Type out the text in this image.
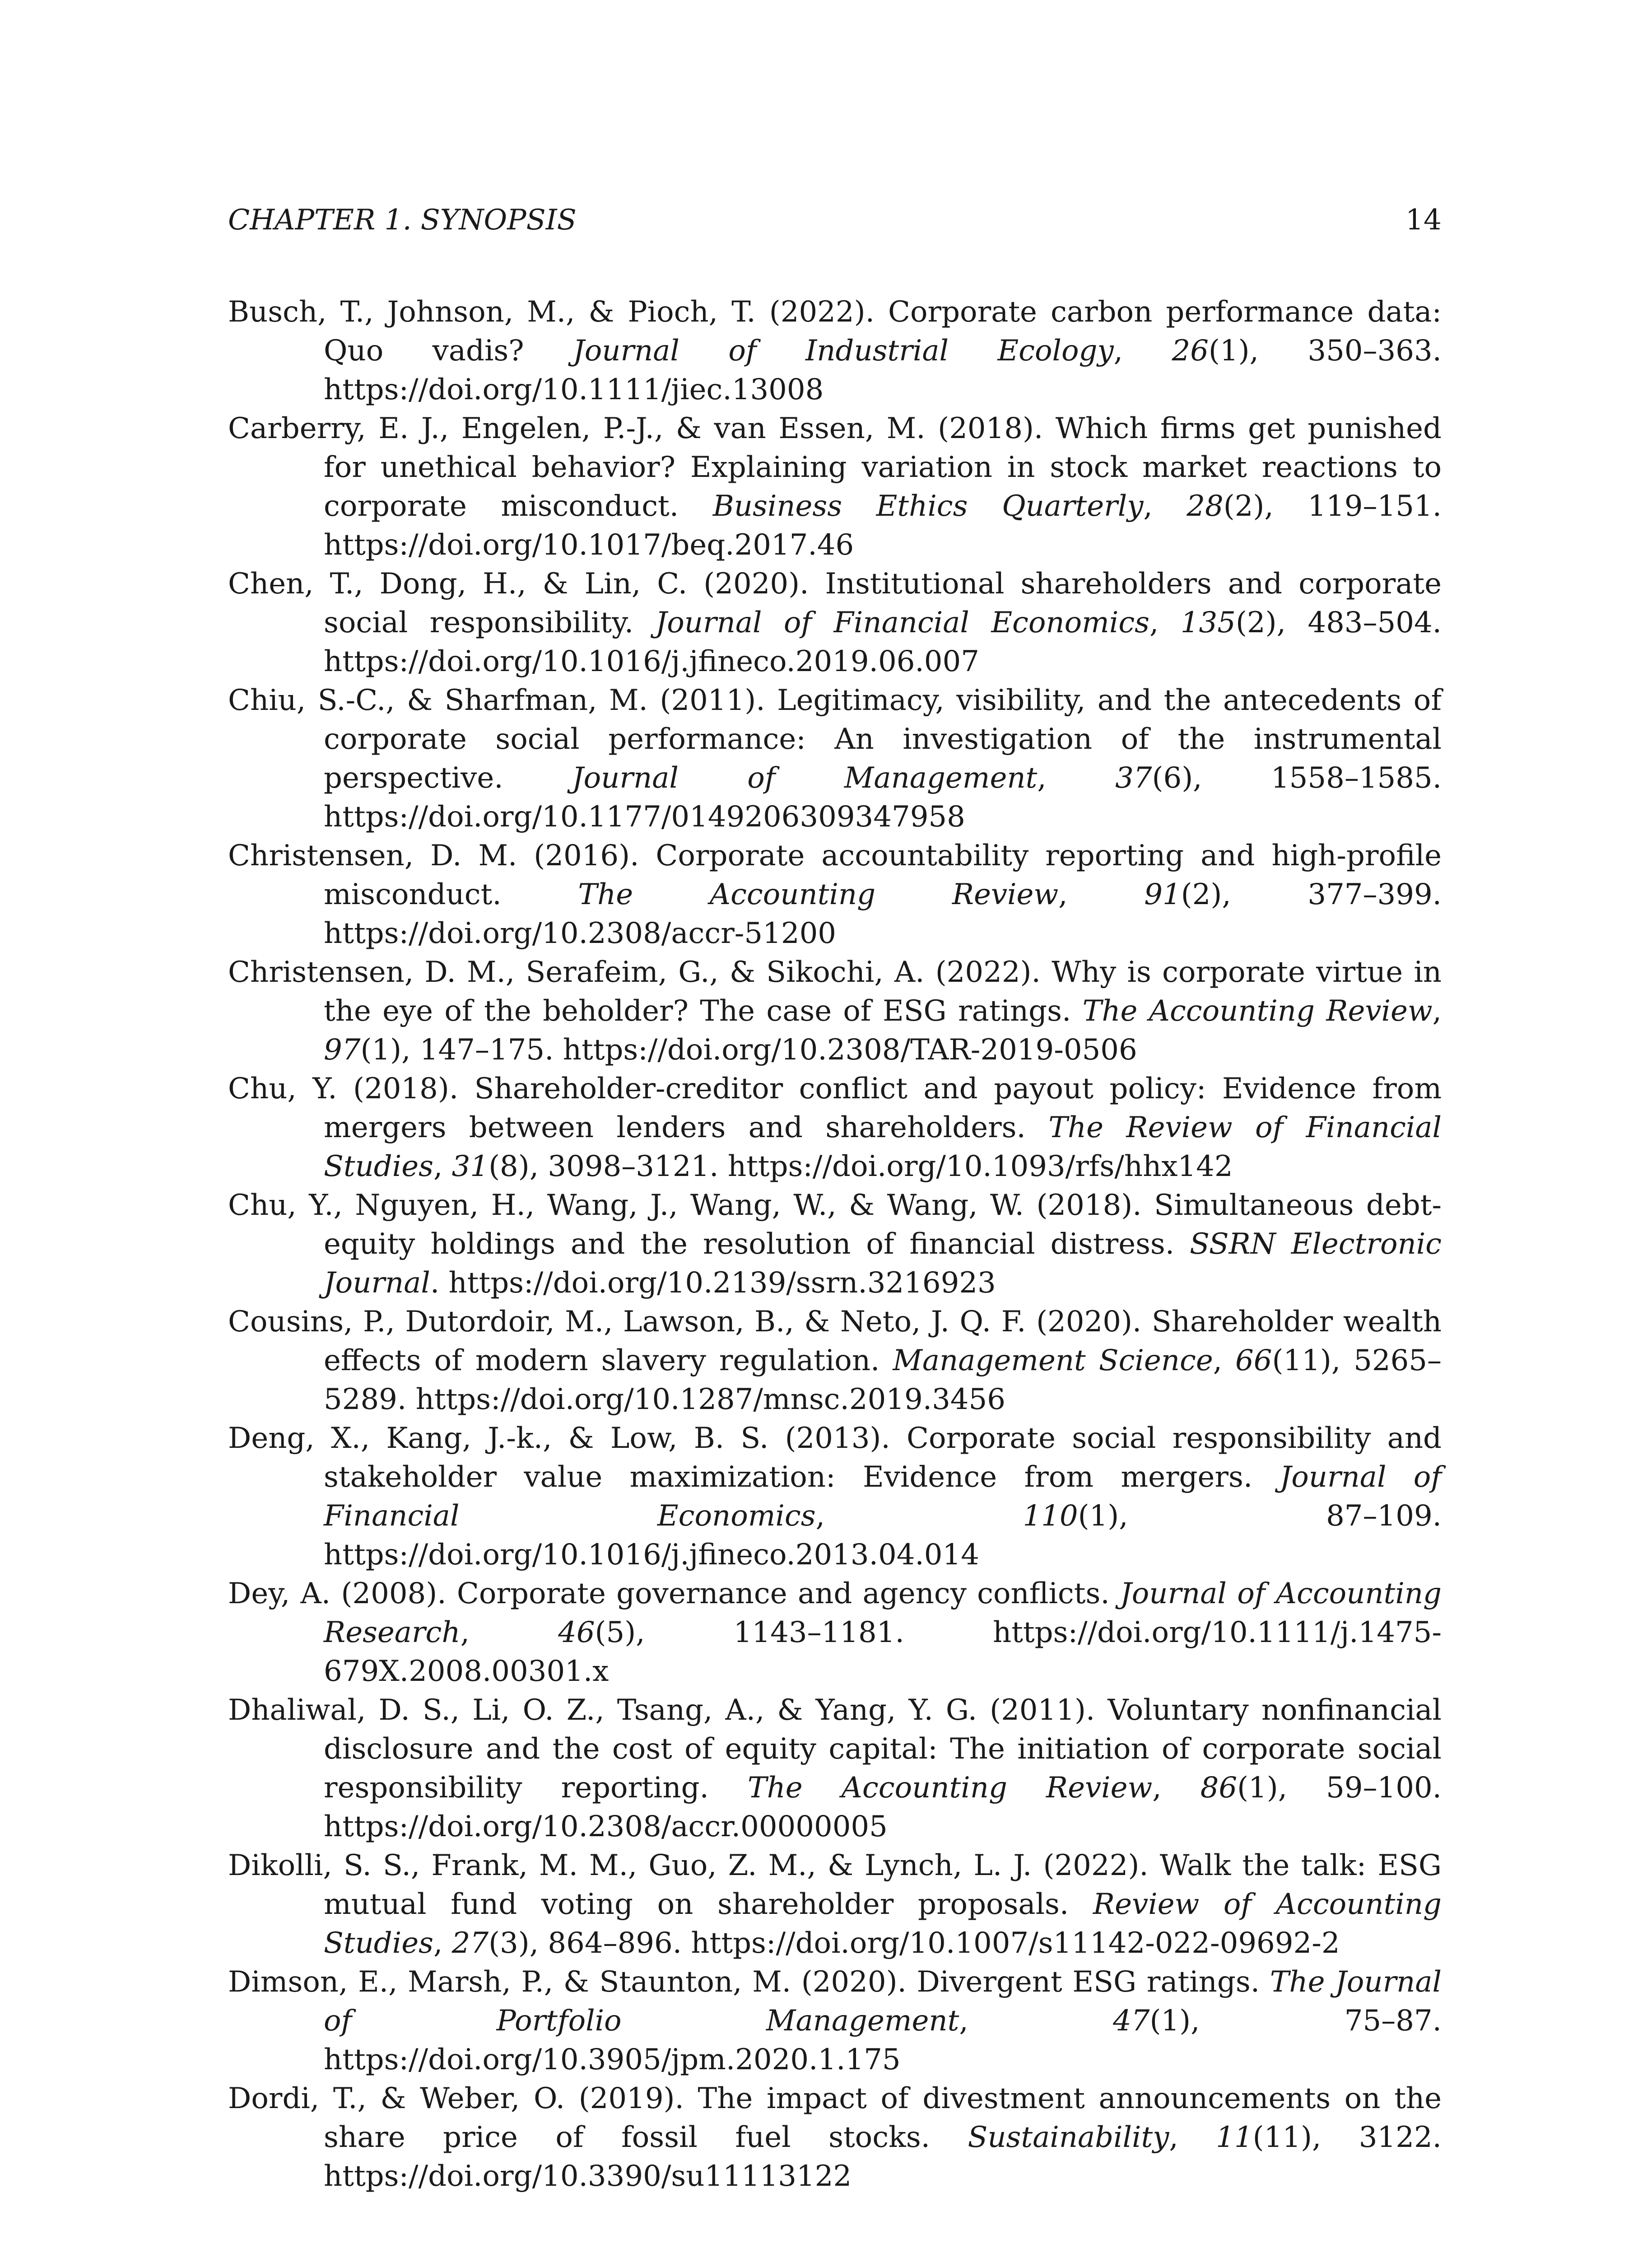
CHAPTER 1. SYNOPSIS	14

Busch, T., Johnson, M., & Pioch, T. (2022). Corporate carbon performance data: Quo vadis? Journal of Industrial Ecology, 26(1), 350–363. https://doi.org/10.1111/jiec.13008

Carberry, E. J., Engelen, P.-J., & van Essen, M. (2018). Which firms get punished for unethical behavior? Explaining variation in stock market reactions to corporate misconduct. Business Ethics Quarterly, 28(2), 119–151. https://doi.org/10.1017/beq.2017.46

Chen, T., Dong, H., & Lin, C. (2020). Institutional shareholders and corporate social responsibility. Journal of Financial Economics, 135(2), 483–504. https://doi.org/10.1016/j.jfineco.2019.06.007

Chiu, S.-C., & Sharfman, M. (2011). Legitimacy, visibility, and the antecedents of corporate social performance: An investigation of the instrumental perspective. Journal of Management, 37(6), 1558–1585. https://doi.org/10.1177/0149206309347958

Christensen, D. M. (2016). Corporate accountability reporting and high-profile misconduct. The Accounting Review, 91(2), 377–399. https://doi.org/10.2308/accr-51200

Christensen, D. M., Serafeim, G., & Sikochi, A. (2022). Why is corporate virtue in the eye of the beholder? The case of ESG ratings. The Accounting Review, 97(1), 147–175. https://doi.org/10.2308/TAR-2019-0506

Chu, Y. (2018). Shareholder-creditor conflict and payout policy: Evidence from mergers between lenders and shareholders. The Review of Financial Studies, 31(8), 3098–3121. https://doi.org/10.1093/rfs/hhx142

Chu, Y., Nguyen, H., Wang, J., Wang, W., & Wang, W. (2018). Simultaneous debt-equity holdings and the resolution of financial distress. SSRN Electronic Journal. https://doi.org/10.2139/ssrn.3216923

Cousins, P., Dutordoir, M., Lawson, B., & Neto, J. Q. F. (2020). Shareholder wealth effects of modern slavery regulation. Management Science, 66(11), 5265–5289. https://doi.org/10.1287/mnsc.2019.3456

Deng, X., Kang, J.-k., & Low, B. S. (2013). Corporate social responsibility and stakeholder value maximization: Evidence from mergers. Journal of Financial Economics, 110(1), 87–109. https://doi.org/10.1016/j.jfineco.2013.04.014

Dey, A. (2008). Corporate governance and agency conflicts. Journal of Accounting Research, 46(5), 1143–1181. https://doi.org/10.1111/j.1475-679X.2008.00301.x

Dhaliwal, D. S., Li, O. Z., Tsang, A., & Yang, Y. G. (2011). Voluntary nonfinancial disclosure and the cost of equity capital: The initiation of corporate social responsibility reporting. The Accounting Review, 86(1), 59–100. https://doi.org/10.2308/accr.00000005

Dikolli, S. S., Frank, M. M., Guo, Z. M., & Lynch, L. J. (2022). Walk the talk: ESG mutual fund voting on shareholder proposals. Review of Accounting Studies, 27(3), 864–896. https://doi.org/10.1007/s11142-022-09692-2

Dimson, E., Marsh, P., & Staunton, M. (2020). Divergent ESG ratings. The Journal of Portfolio Management, 47(1), 75–87. https://doi.org/10.3905/jpm.2020.1.175

Dordi, T., & Weber, O. (2019). The impact of divestment announcements on the share price of fossil fuel stocks. Sustainability, 11(11), 3122. https://doi.org/10.3390/su11113122
